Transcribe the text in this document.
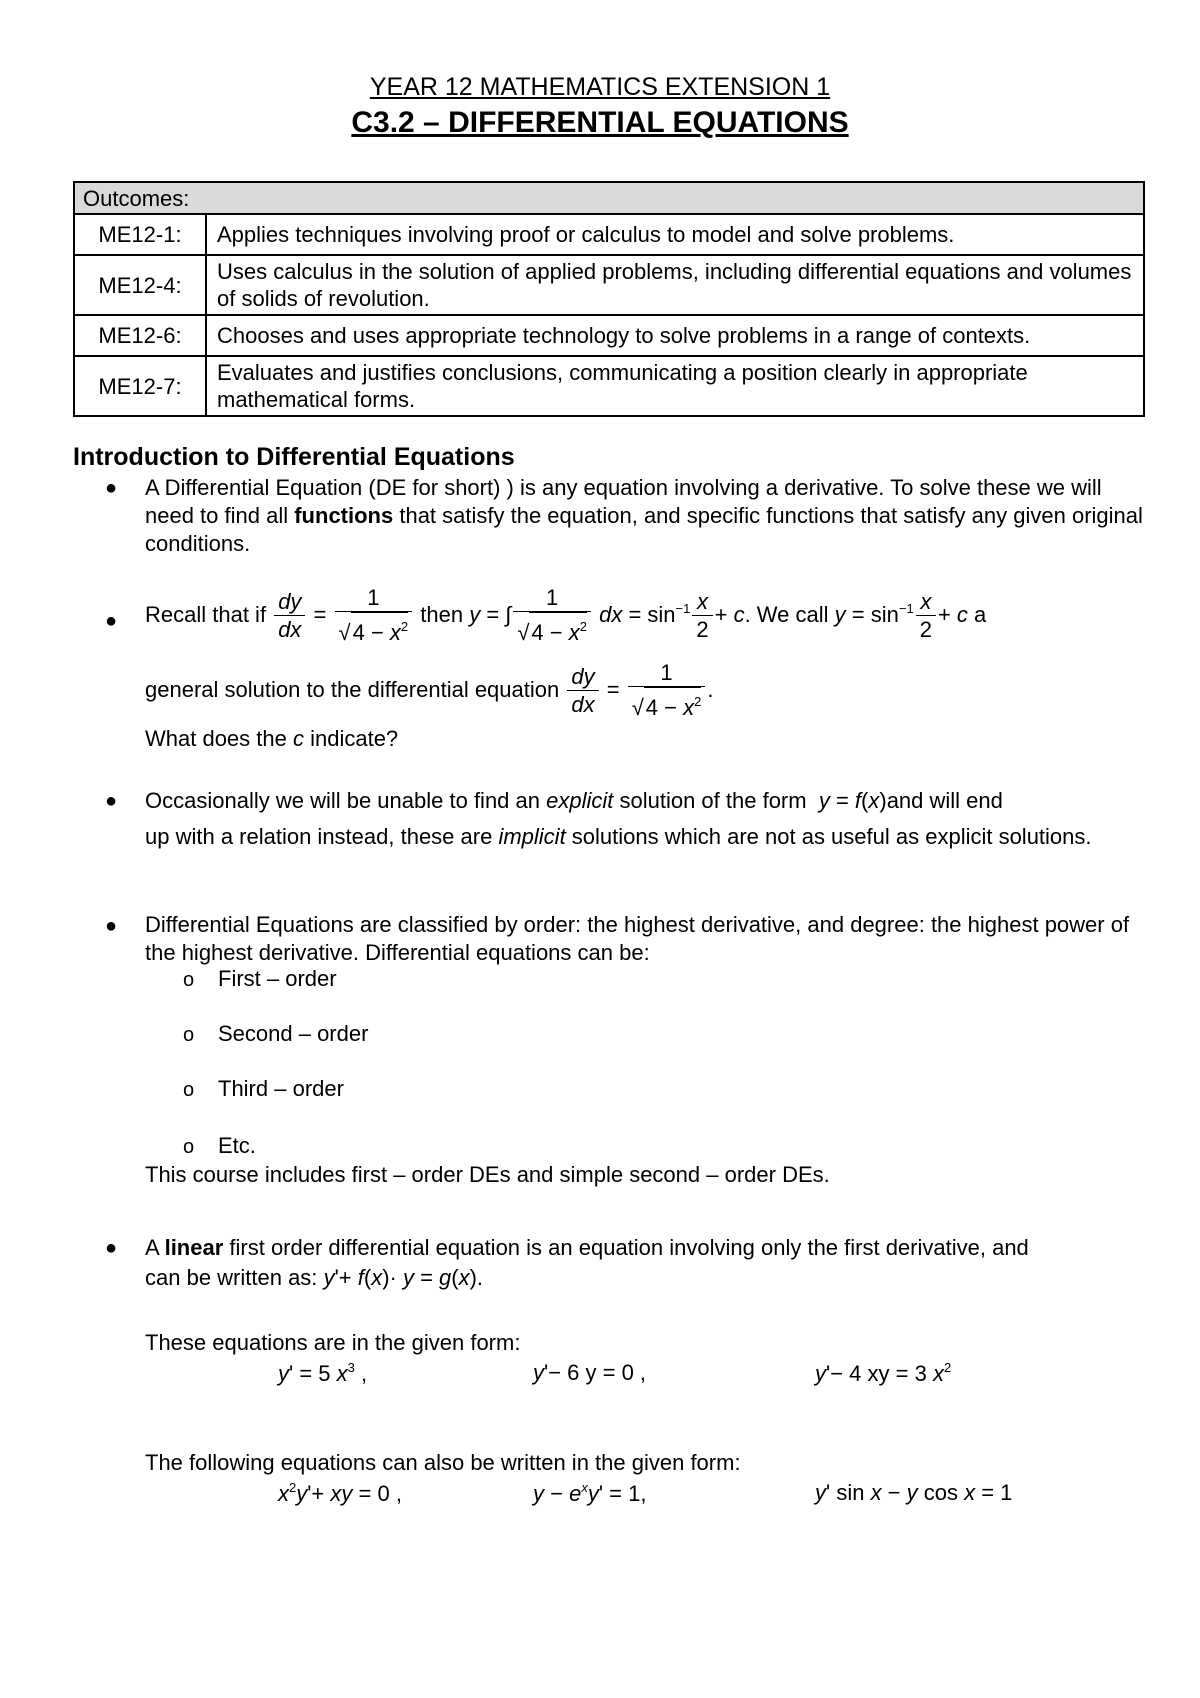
YEAR 12 MATHEMATICS EXTENSION 1
C3.2 – DIFFERENTIAL EQUATIONS
Outcomes:	
ME12-1:	Applies techniques involving proof or calculus to model and solve problems.
ME12-4:	Uses calculus in the solution of applied problems, including differential equations and volumes of solids of revolution.
ME12-6:	Chooses and uses appropriate technology to solve problems in a range of contexts.
ME12-7:	Evaluates and justifies conclusions, communicating a position clearly in appropriate mathematical forms.
Introduction to Differential Equations
● A Differential Equation (DE for short) ) is any equation involving a derivative. To solve these we will need to find all functions that satisfy the equation, and specific functions that satisfy any given original conditions.
● Recall that if $\frac{dy}{dx} = \frac{1}{√4 - x^2}$ then y = ∫ $\frac{1}{√4 - x^2}$ dx = $\sin^{-1} \frac{x}{2} + c$. We call $y = \sin^{-1} \frac{x}{2} + c$ a
general solution to the differential equation $\frac{dy}{dx} = \frac{1}{√4 - x^2}$ .
What does the c indicate?
● Occasionally we will be unable to find an explicit solution of the form y = f(x)and will end
up with a relation instead, these are implicit solutions which are not as useful as explicit solutions.
● Differential Equations are classified by order: the highest derivative, and degree: the highest power of the highest derivative. Differential equations can be:
o First – order
o Second – order
o Third – order
o Etc.
This course includes first – order DEs and simple second – order DEs.
● A linear first order differential equation is an equation involving only the first derivative, and
can be written as: y'+ f(x)· y = g(x).
These equations are in the given form:
y' = 5 $x^3$ ,	y'− 6 y = 0 ,	y'− 4 xy = 3 $x^2$
The following equations can also be written in the given form:
$x^2y'+$ xy = 0 ,	$y - e^xy' = 1$,	y' sin x − y cos x = 1
